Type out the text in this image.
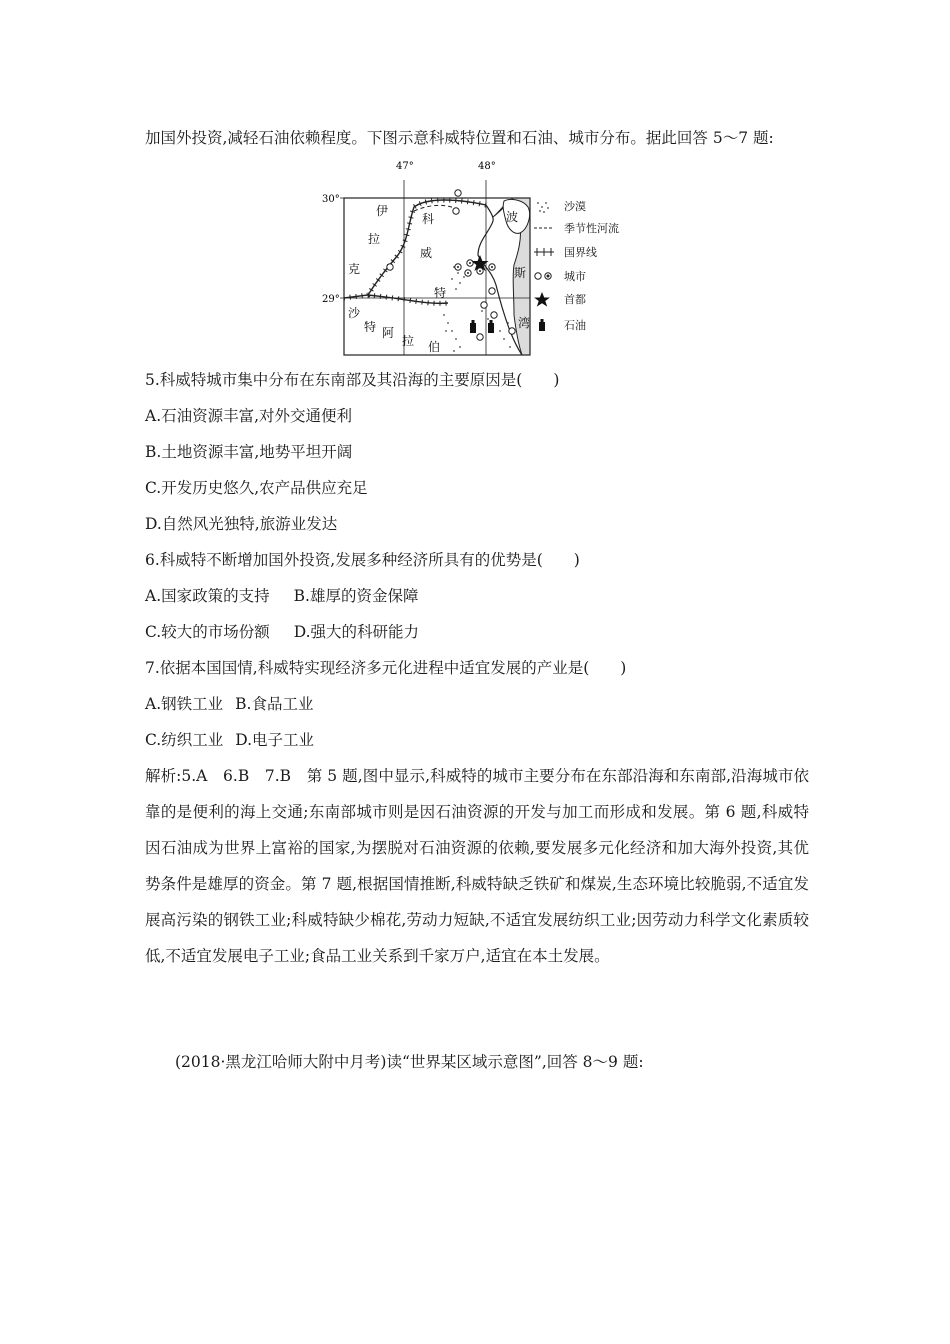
加国外投资,减轻石油依赖程度。下图示意科威特位置和石油、城市分布。据此回答 5～7 题:
47°	48°
30°
29°
伊
拉
克
科
威
特
沙
特 阿
拉 伯
波
斯
湾
沙漠
季节性河流
国界线
城市
首都
石油
5.科威特城市集中分布在东南部及其沿海的主要原因是(　　)
A.石油资源丰富,对外交通便利
B.土地资源丰富,地势平坦开阔
C.开发历史悠久,农产品供应充足
D.自然风光独特,旅游业发达
6.科威特不断增加国外投资,发展多种经济所具有的优势是(　　)
A.国家政策的支持 B.雄厚的资金保障
C.较大的市场份额 D.强大的科研能力
7.依据本国国情,科威特实现经济多元化进程中适宜发展的产业是(　　)
A.钢铁工业 B.食品工业
C.纺织工业 D.电子工业
解析:5.A　6.B　7.B　第 5 题,图中显示,科威特的城市主要分布在东部沿海和东南部,沿海城市依靠的是便利的海上交通;东南部城市则是因石油资源的开发与加工而形成和发展。第 6 题,科威特因石油成为世界上富裕的国家,为摆脱对石油资源的依赖,要发展多元化经济和加大海外投资,其优势条件是雄厚的资金。第 7 题,根据国情推断,科威特缺乏铁矿和煤炭,生态环境比较脆弱,不适宜发展高污染的钢铁工业;科威特缺少棉花,劳动力短缺,不适宜发展纺织工业;因劳动力科学文化素质较低,不适宜发展电子工业;食品工业关系到千家万户,适宜在本土发展。
(2018·黑龙江哈师大附中月考)读“世界某区域示意图”,回答 8～9 题:
